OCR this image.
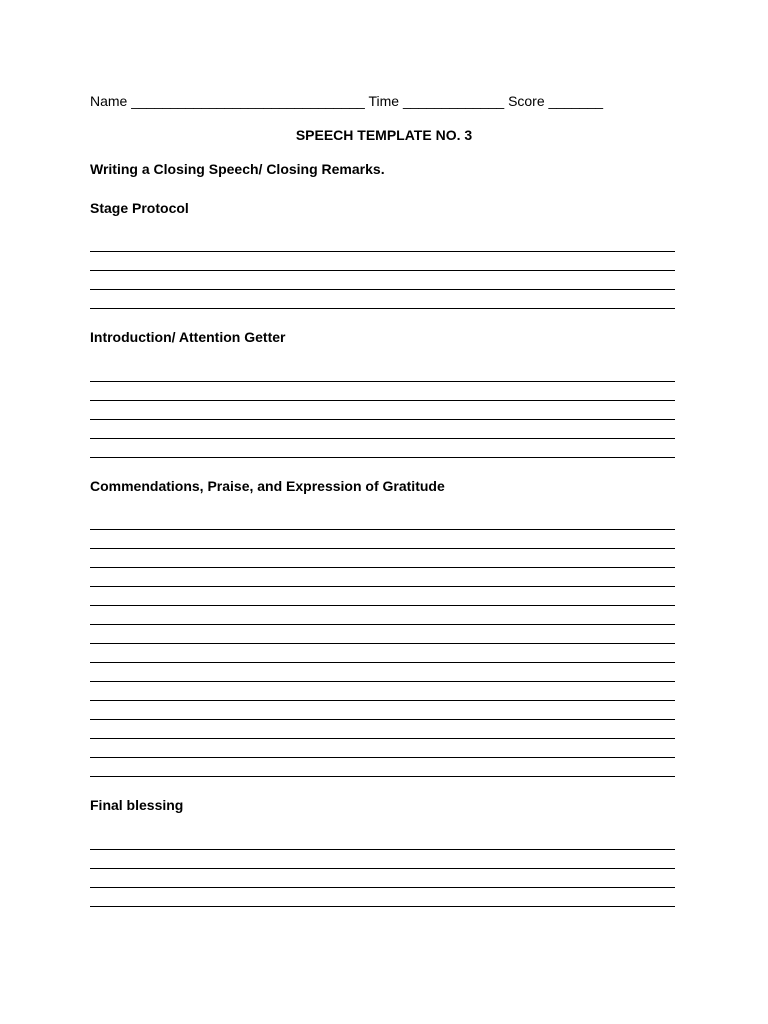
Name ______________________________ Time _____________ Score _______
SPEECH TEMPLATE NO. 3
Writing a Closing Speech/ Closing Remarks.
Stage Protocol
Introduction/ Attention Getter
Commendations, Praise, and Expression of Gratitude
Final blessing
